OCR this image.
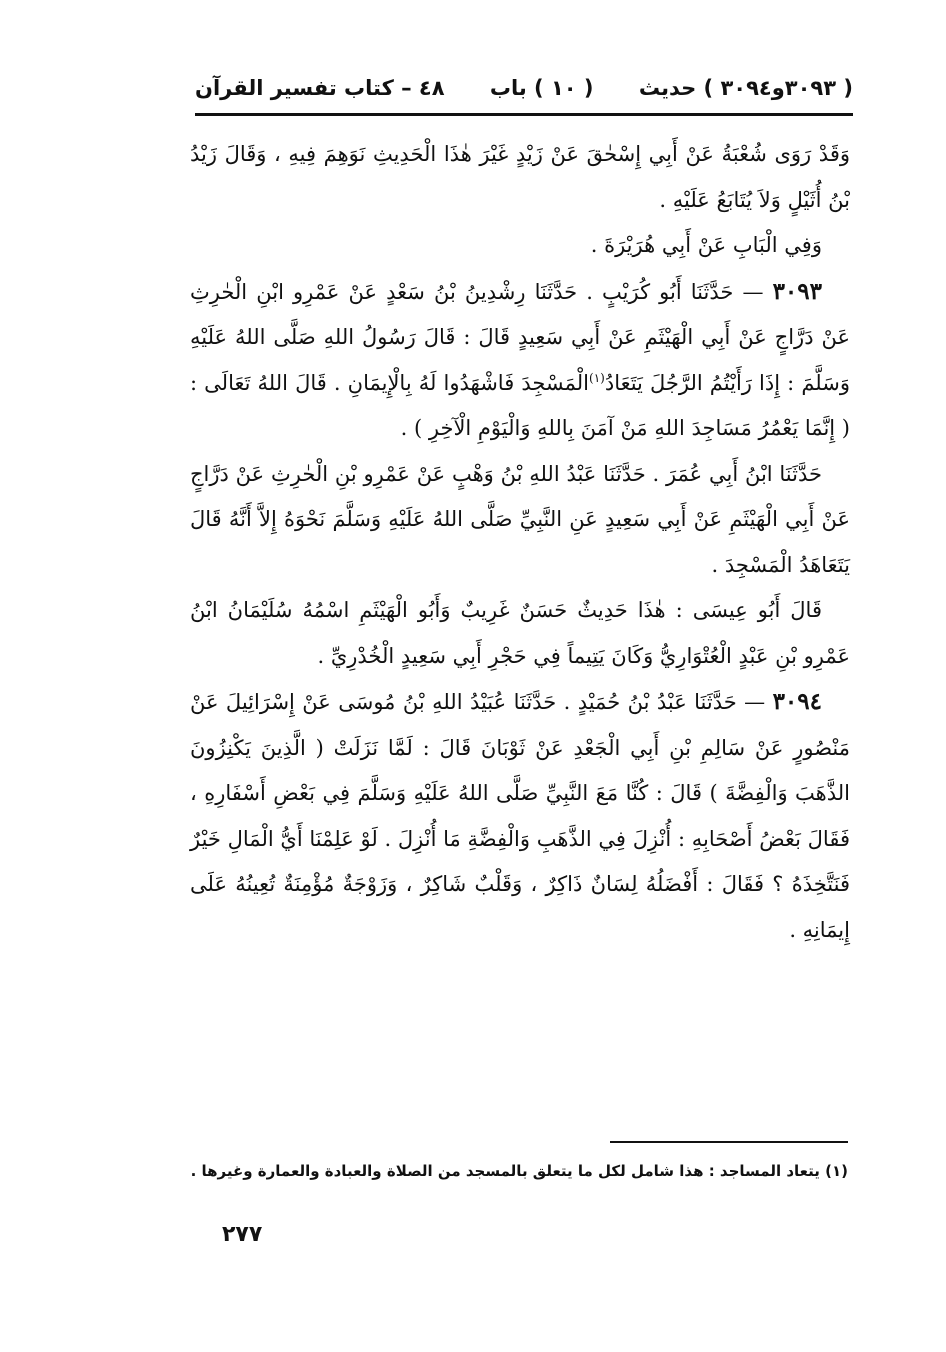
٤٨ – كتاب تفسير القرآن ( ١٠ ) باب ( ٣٠٩٣و٣٠٩٤ ) حديث

وَقَدْ رَوَى شُعْبَةُ عَنْ أَبِي إِسْحٰقَ عَنْ زَيْدٍ غَيْرَ هٰذَا الْحَدِيثِ نَوَهِمَ فِيهِ ، وَقَالَ زَيْدُ بْنُ أُثَيْلٍ وَلاَ يُتَابَعُ عَلَيْهِ .

وَفِي الْبَابِ عَنْ أَبِي هُرَيْرَةَ .

٣٠٩٣ — حَدَّثَنَا أَبُو كُرَيْبٍ . حَدَّثَنَا رِشْدِينُ بْنُ سَعْدٍ عَنْ عَمْرِو ابْنِ الْحٰرِثِ عَنْ دَرَّاجٍ عَنْ أَبِي الْهَيْثَمِ عَنْ أَبِي سَعِيدٍ قَالَ : قَالَ رَسُولُ اللهِ صَلَّى اللهُ عَلَيْهِ وَسَلَّمَ : إِذَا رَأَيْتُمُ الرَّجُلَ يَتَعَادُ$^{(١)}$الْمَسْجِدَ فَاشْهَدُوا لَهُ بِالْإِيمَانِ . قَالَ اللهُ تَعَالَى : ( إِنَّمَا يَعْمُرُ مَسَاجِدَ اللهِ مَنْ آمَنَ بِاللهِ وَالْيَوْمِ الْآخِرِ ) .

حَدَّثَنَا ابْنُ أَبِي عُمَرَ . حَدَّثَنَا عَبْدُ اللهِ بْنُ وَهْبٍ عَنْ عَمْرِو بْنِ الْحٰرِثِ عَنْ دَرَّاجٍ عَنْ أَبِي الْهَيْثَمِ عَنْ أَبِي سَعِيدٍ عَنِ النَّبِيِّ صَلَّى اللهُ عَلَيْهِ وَسَلَّمَ نَحْوَهُ إِلاَّ أَنَّهُ قَالَ يَتَعَاهَدُ الْمَسْجِدَ .

قَالَ أَبُو عِيسَى : هٰذَا حَدِيثٌ حَسَنٌ غَرِيبٌ وَأَبُو الْهَيْثَمِ اسْمُهُ سُلَيْمَانُ ابْنُ عَمْرِو بْنِ عَبْدٍ الْعُتْوَارِيُّ وَكَانَ يَتِيماً فِي حَجْرِ أَبِي سَعِيدٍ الْخُدْرِيِّ .

٣٠٩٤ — حَدَّثَنَا عَبْدُ بْنُ حُمَيْدٍ . حَدَّثَنَا عُبَيْدُ اللهِ بْنُ مُوسَى عَنْ إِسْرَائِيلَ عَنْ مَنْصُورٍ عَنْ سَالِمِ بْنِ أَبِي الْجَعْدِ عَنْ ثَوْبَانَ قَالَ : لَمَّا نَزَلَتْ ( الَّذِينَ يَكْنِزُونَ الذَّهَبَ وَالْفِضَّةَ ) قَالَ : كُنَّا مَعَ النَّبِيِّ صَلَّى اللهُ عَلَيْهِ وَسَلَّمَ فِي بَعْضِ أَسْفَارِهِ ، فَقَالَ بَعْضُ أَصْحَابِهِ : أُنْزِلَ فِي الذَّهَبِ وَالْفِضَّةِ مَا أُنْزِلَ . لَوْ عَلِمْنَا أَيُّ الْمَالِ خَيْرٌ فَنَتَّخِذَهُ ؟ فَقَالَ : أَفْضَلُهُ لِسَانٌ ذَاكِرٌ ، وَقَلْبٌ شَاكِرٌ ، وَزَوْجَةٌ مُؤْمِنَةٌ تُعِينُهُ عَلَى إِيمَانِهِ .

(١) يتعاد المساجد : هذا شامل لكل ما يتعلق بالمسجد من الصلاة والعبادة والعمارة وغيرها .
٢٧٧
